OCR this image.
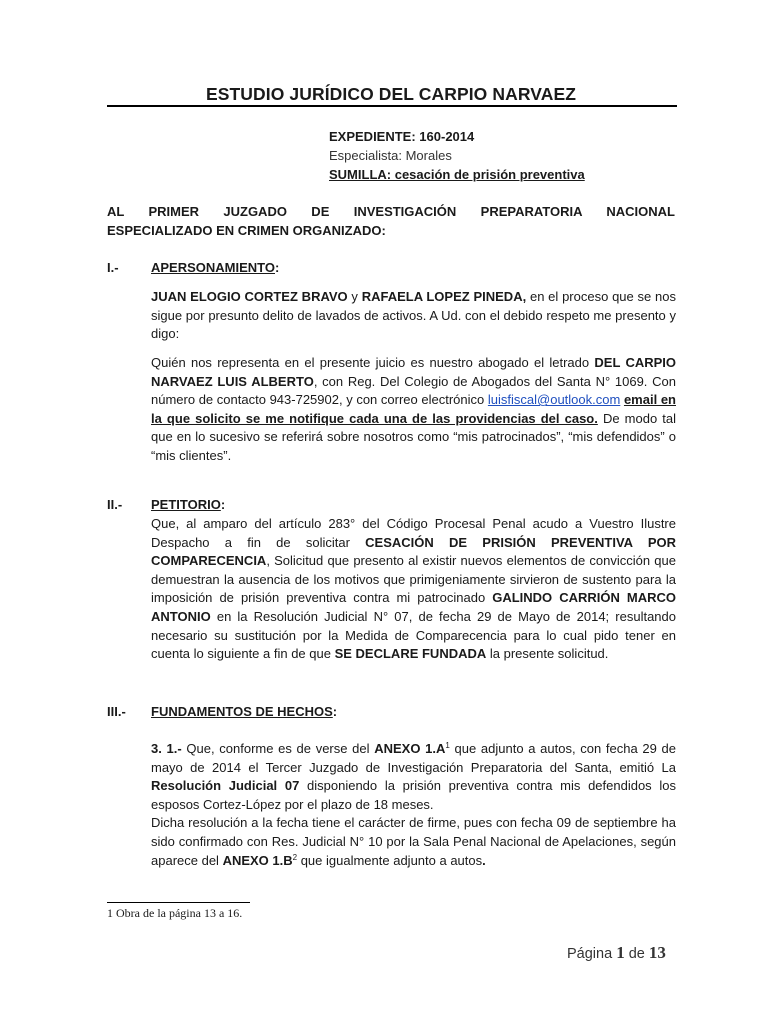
ESTUDIO JURÍDICO DEL CARPIO NARVAEZ
EXPEDIENTE: 160-2014
Especialista: Morales
SUMILLA: cesación de prisión preventiva
AL PRIMER JUZGADO DE INVESTIGACIÓN PREPARATORIA NACIONAL
ESPECIALIZADO EN CRIMEN ORGANIZADO:
I.- APERSONAMIENTO:
JUAN ELOGIO CORTEZ BRAVO y RAFAELA LOPEZ PINEDA, en el proceso que se nos sigue por presunto delito de lavados de activos. A Ud. con el debido respeto me presento y digo:
Quién nos representa en el presente juicio es nuestro abogado el letrado DEL CARPIO NARVAEZ LUIS ALBERTO, con Reg. Del Colegio de Abogados del Santa N° 1069. Con número de contacto 943-725902, y con correo electrónico luisfiscal@outlook.com email en la que solicito se me notifique cada una de las providencias del caso. De modo tal que en lo sucesivo se referirá sobre nosotros como “mis patrocinados”, “mis defendidos” o “mis clientes”.
II.- PETITORIO:
Que, al amparo del artículo 283° del Código Procesal Penal acudo a Vuestro Ilustre Despacho a fin de solicitar CESACIÓN DE PRISIÓN PREVENTIVA POR COMPARECENCIA, Solicitud que presento al existir nuevos elementos de convicción que demuestran la ausencia de los motivos que primigeniamente sirvieron de sustento para la imposición de prisión preventiva contra mi patrocinado GALINDO CARRIÓN MARCO ANTONIO en la Resolución Judicial N° 07, de fecha 29 de Mayo de 2014; resultando necesario su sustitución por la Medida de Comparecencia para lo cual pido tener en cuenta lo siguiente a fin de que SE DECLARE FUNDADA la presente solicitud.
III.- FUNDAMENTOS DE HECHOS:
3. 1.- Que, conforme es de verse del ANEXO $1.A^1$ que adjunto a autos, con fecha 29 de mayo de 2014 el Tercer Juzgado de Investigación Preparatoria del Santa, emitió La Resolución Judicial 07 disponiendo la prisión preventiva contra mis defendidos los esposos Cortez-López por el plazo de 18 meses.
Dicha resolución a la fecha tiene el carácter de firme, pues con fecha 09 de septiembre ha sido confirmado con Res. Judicial N° 10 por la Sala Penal Nacional de Apelaciones, según aparece del ANEXO $1.B^2$ que igualmente adjunto a autos.
1 Obra de la página 13 a 16.
Página 1 de 13
